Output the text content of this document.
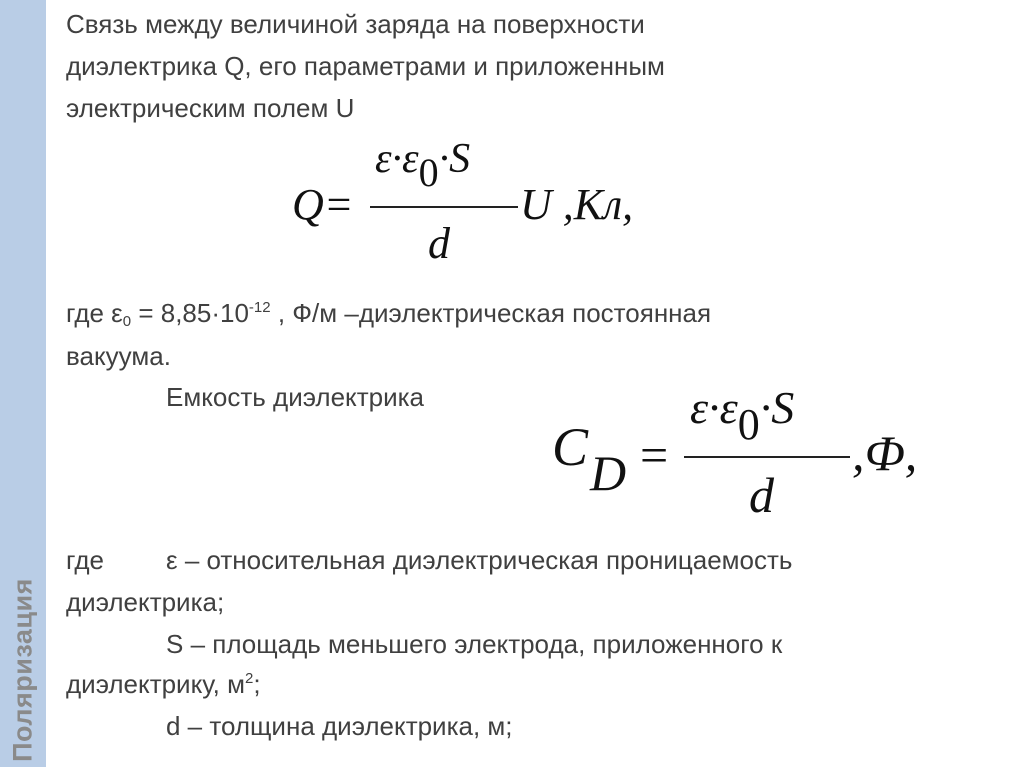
Поляризация
Связь между величиной заряда на поверхности
диэлектрика Q, его параметрами и приложенным
электрическим полем U
Q=
ε·ε0·S
d
U ,Кл,
где $\varepsilon_0 = 8,85\cdot 10^{-12}$ , Ф/м –диэлектрическая постоянная
вакуума.
Емкость диэлектрика
C D =
ε·ε0·S
d
,Ф,
где ε – относительная диэлектрическая проницаемость
диэлектрика;
S – площадь меньшего электрода, приложенного к
диэлектрику, $м^2$;
d – толщина диэлектрика, м;
